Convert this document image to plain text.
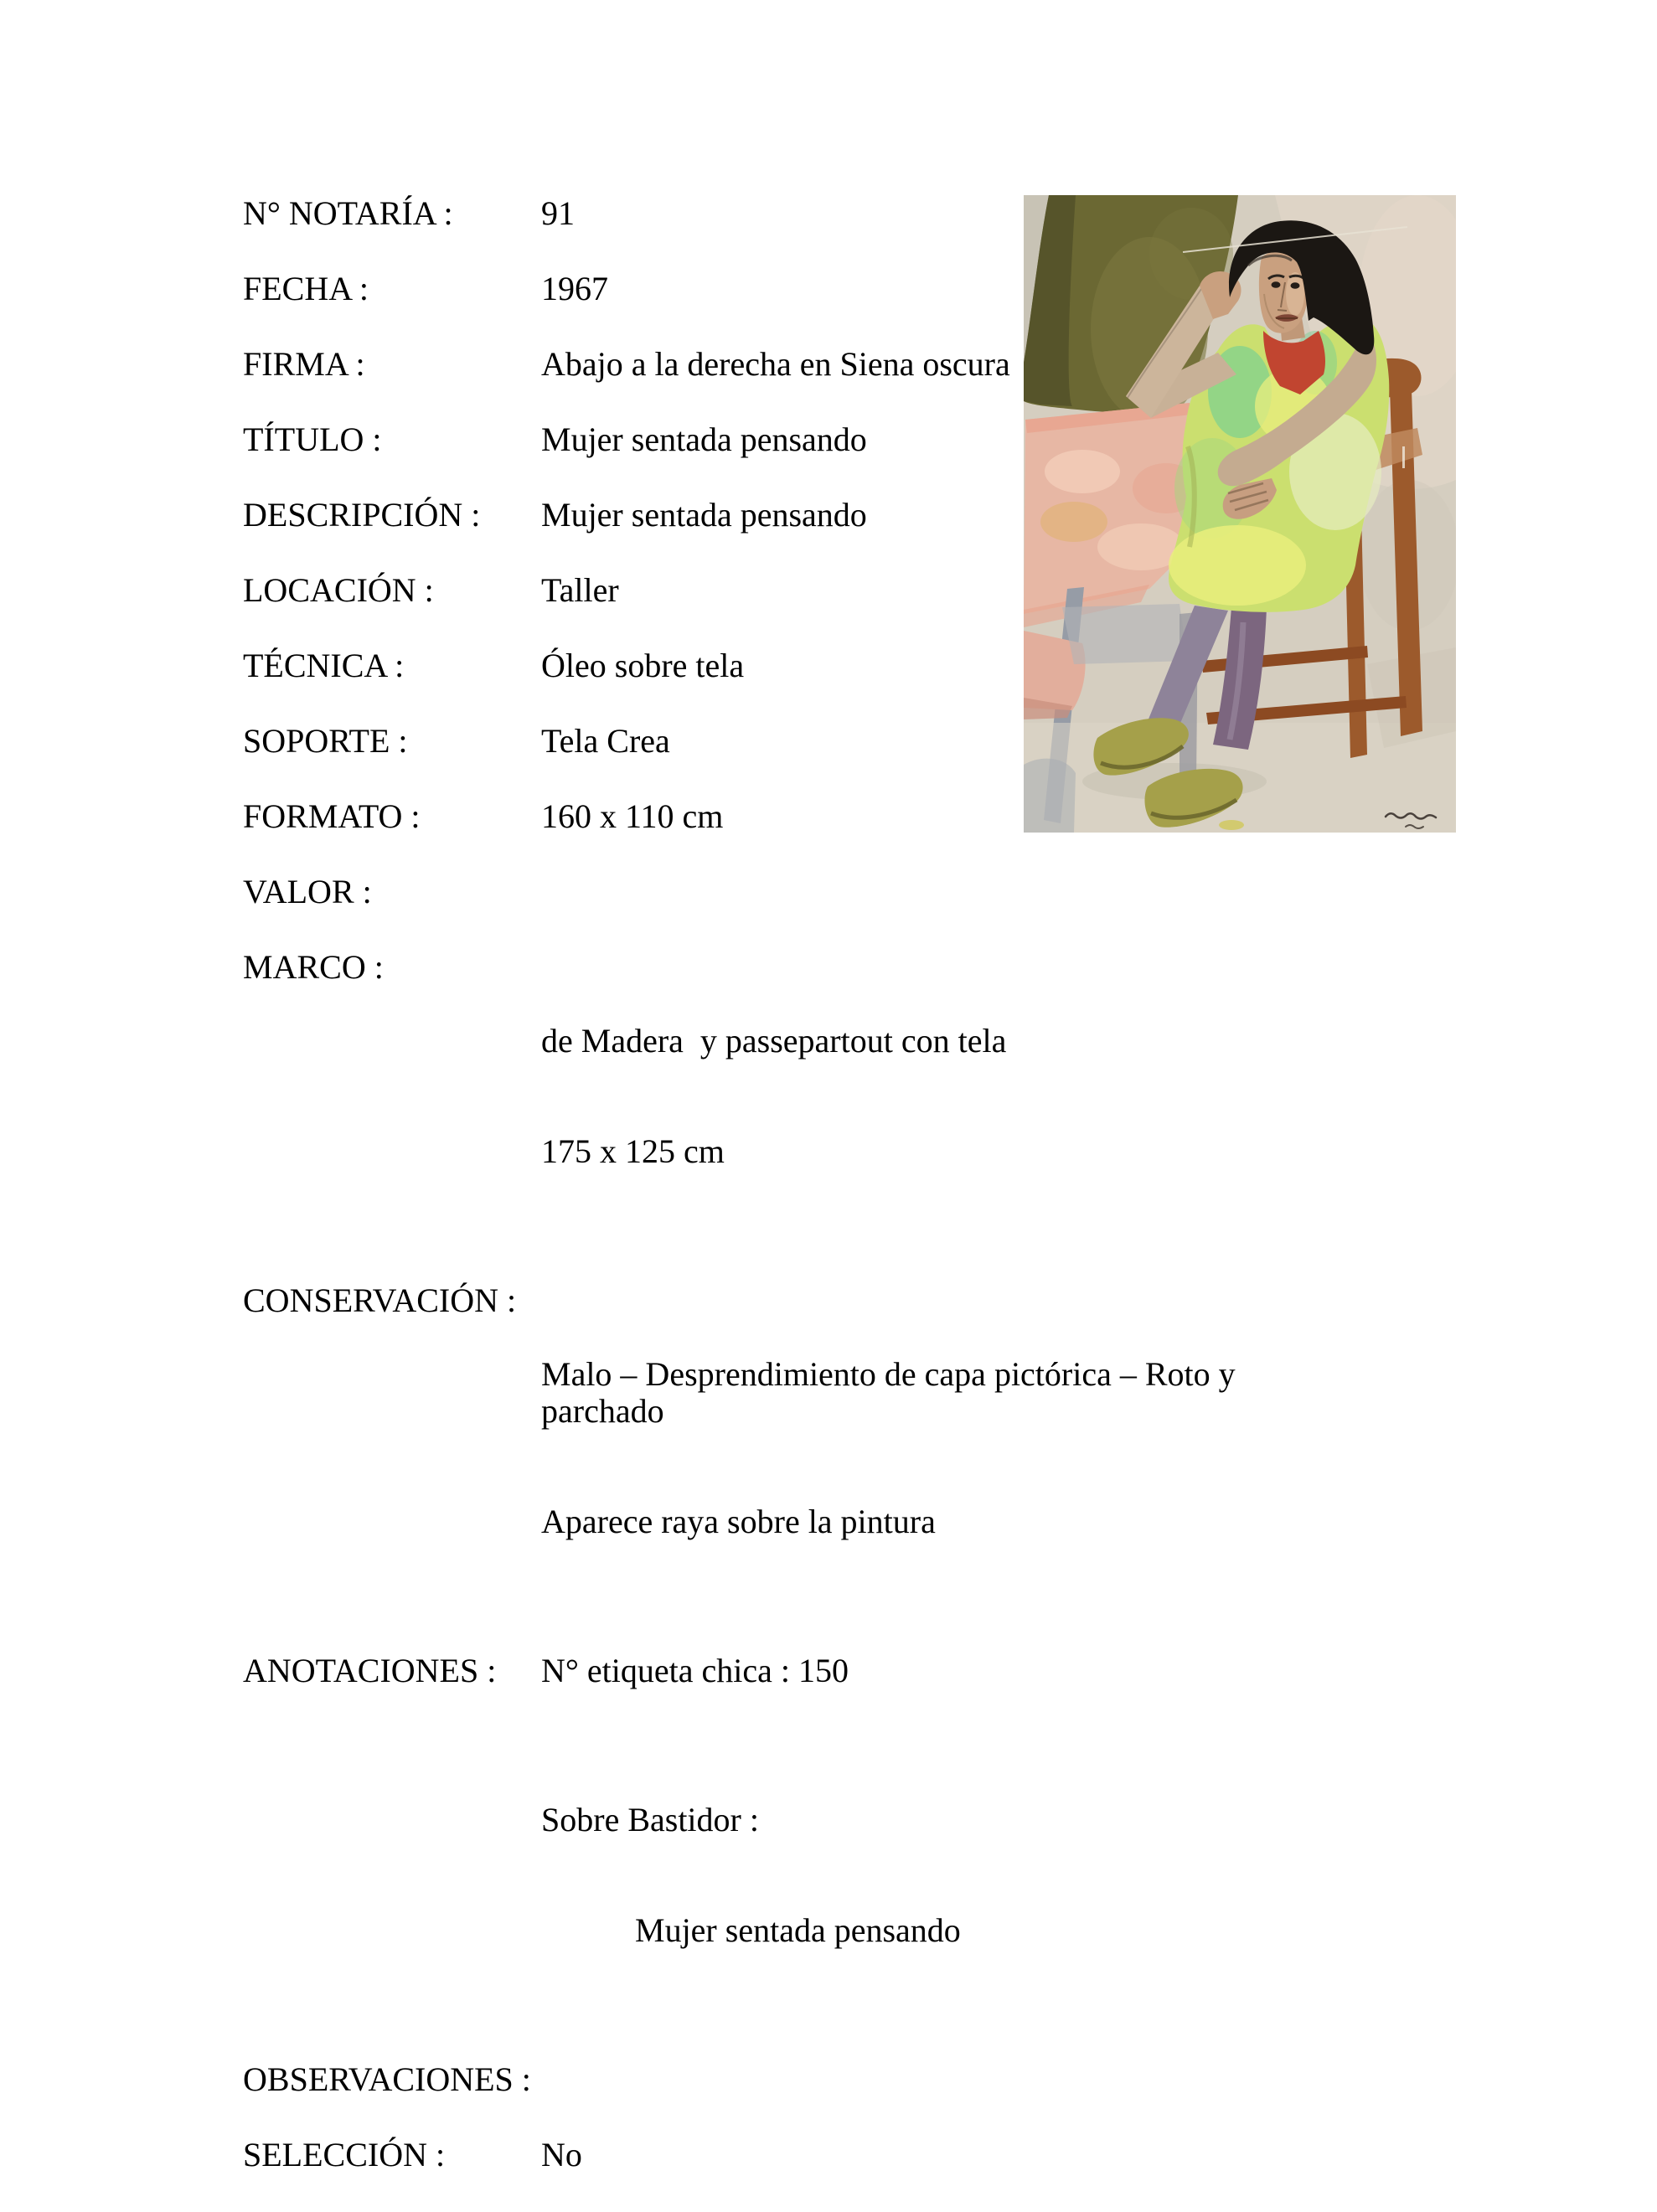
N° NOTARÍA :	91
FECHA :	1967
FIRMA :	Abajo a la derecha en Siena oscura
TÍTULO :	Mujer sentada pensando
DESCRIPCIÓN :	Mujer sentada pensando
LOCACIÓN :	Taller
TÉCNICA :	Óleo sobre tela
SOPORTE :	Tela Crea
FORMATO :	160 x 110 cm
VALOR :
MARCO :

de Madera  y passepartout con tela

175 x 125 cm

CONSERVACIÓN :

Malo – Desprendimiento de capa pictórica – Roto y parchado

Aparece raya sobre la pintura

ANOTACIONES :	N° etiqueta chica : 150

Sobre Bastidor :

Mujer sentada pensando

OBSERVACIONES :
SELECCIÓN :	No
